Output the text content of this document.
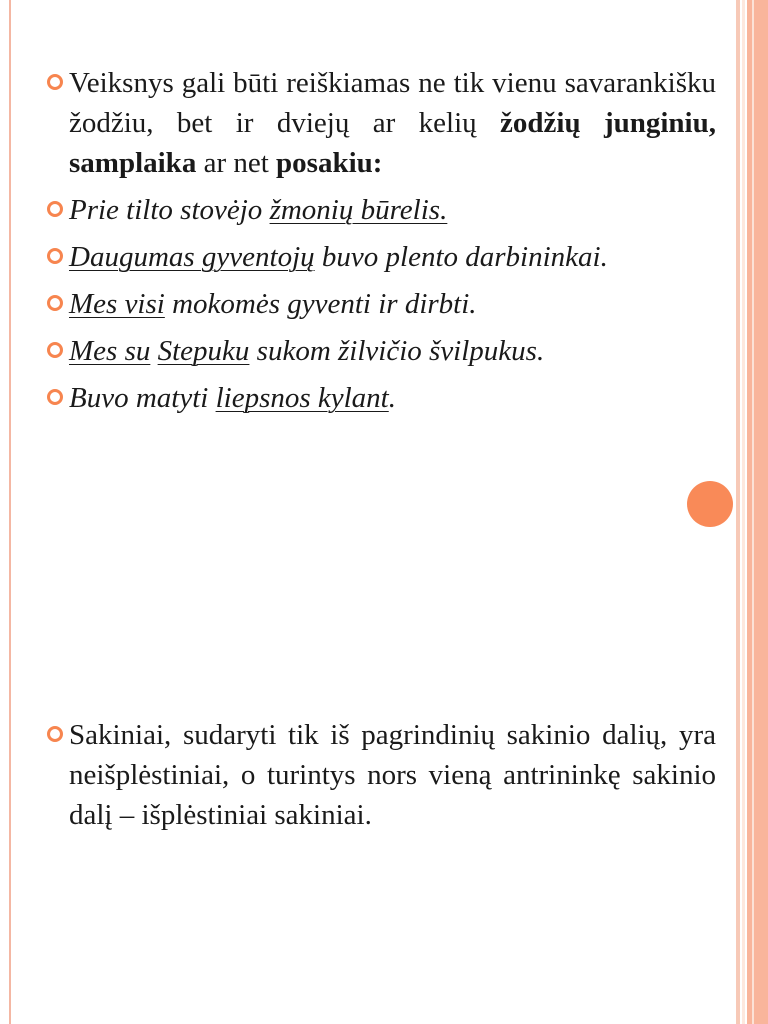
Veiksnys gali būti reiškiamas ne tik vienu savarankišku žodžiu, bet ir dviejų ar kelių žodžių junginiu, samplaika ar net posakiu:
Prie tilto stovėjo žmonių būrelis.
Daugumas gyventojų buvo plento darbininkai.
Mes visi mokomės gyventi ir dirbti.
Mes su Stepuku sukom žilvičio švilpukus.
Buvo matyti liepsnos kylant.
Sakiniai, sudaryti tik iš pagrindinių sakinio dalių, yra neišplėstiniai, o turintys nors vieną antrininkę sakinio dalį – išplėstiniai sakiniai.
